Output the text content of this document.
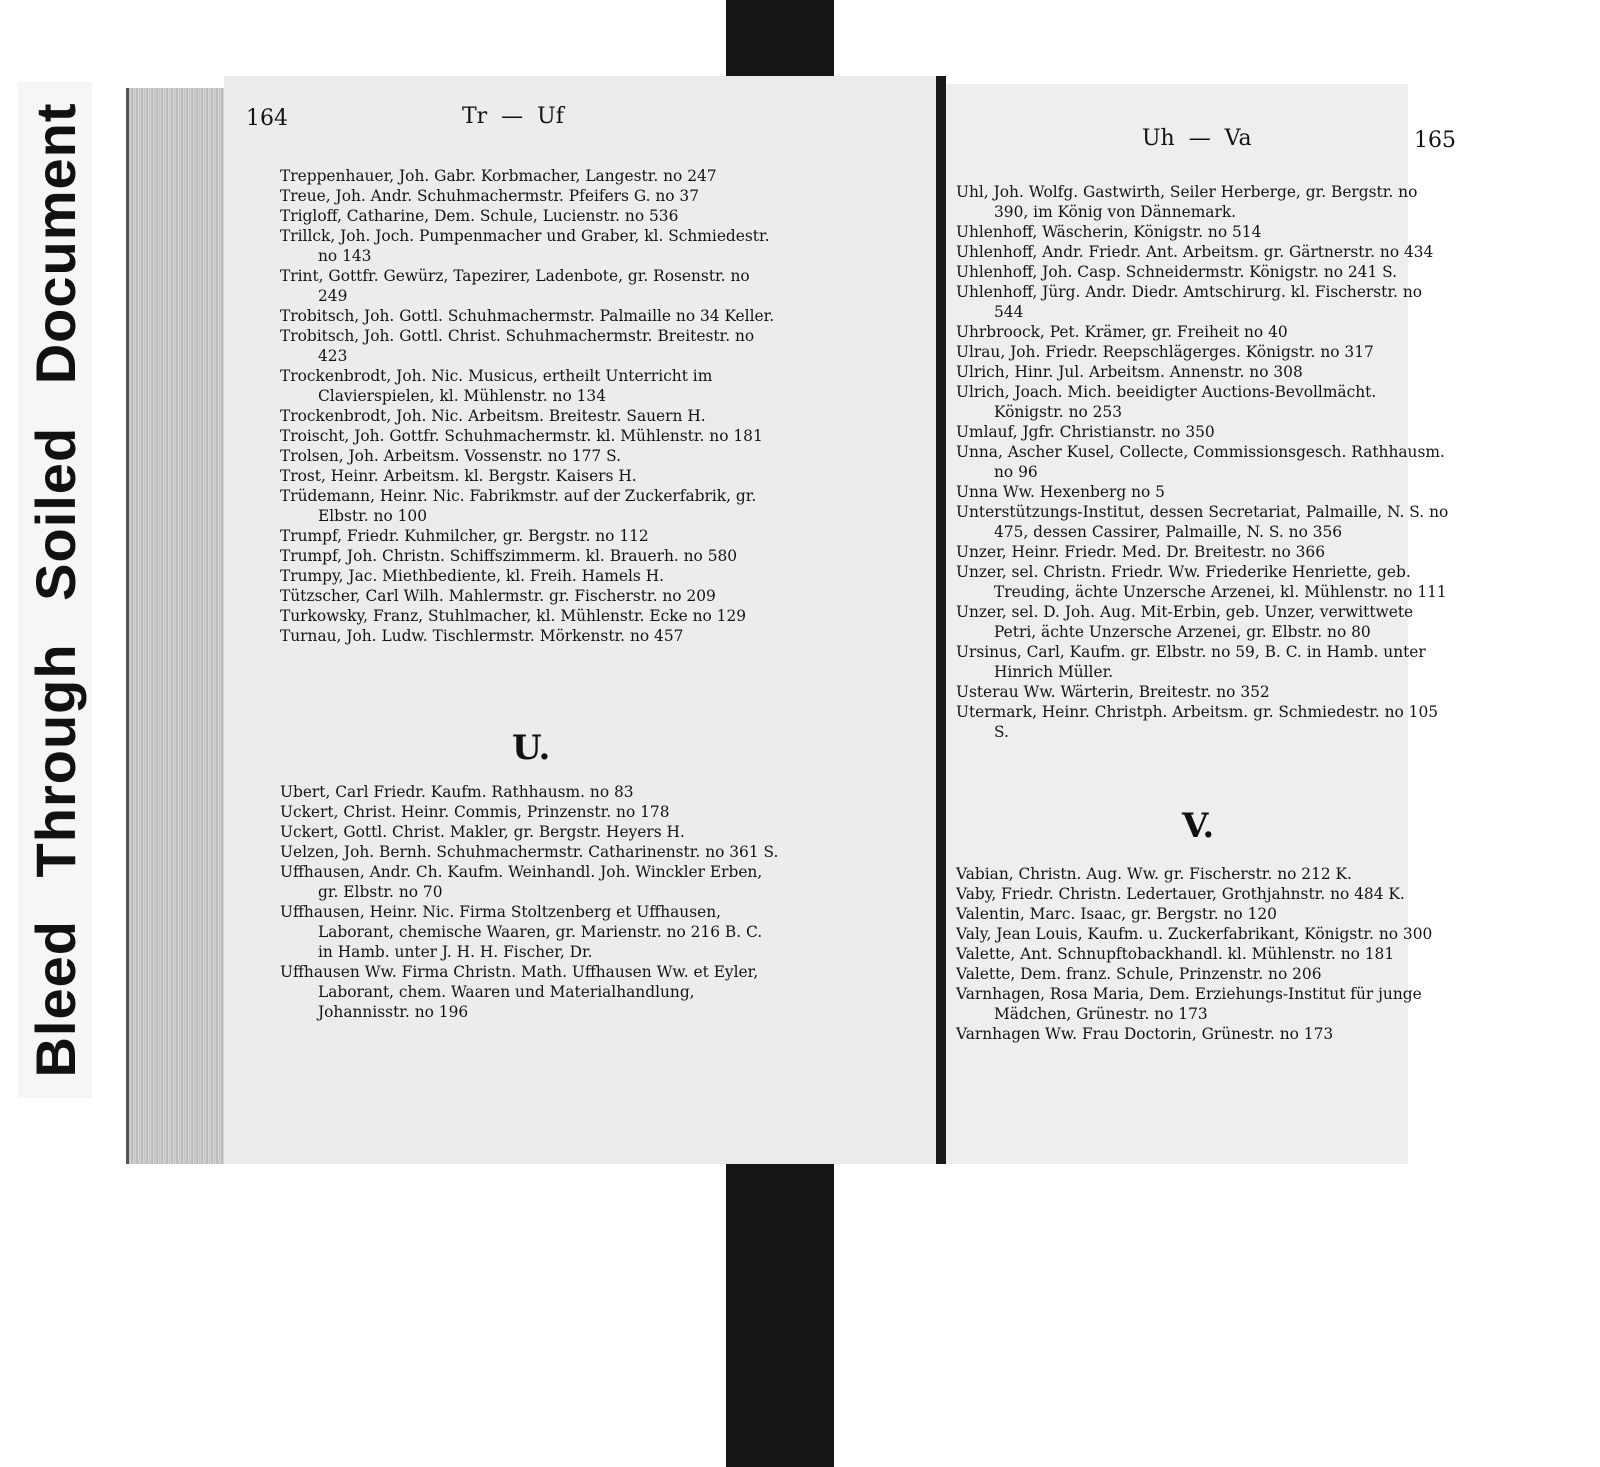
Bleed Through Soiled Document	164	Tr  —  Uf

Treppenhauer, Joh. Gabr. Korbmacher, Langestr. no 247

Treue, Joh. Andr. Schuhmachermstr. Pfeifers G. no 37

Trigloff, Catharine, Dem. Schule, Lucienstr. no 536

Trillck, Joh. Joch. Pumpenmacher und Graber, kl. Schmiedestr. no 143

Trint, Gottfr. Gewürz, Tapezirer, Ladenbote, gr. Rosenstr. no 249

Trobitsch, Joh. Gottl. Schuhmachermstr. Palmaille no 34 Keller.

Trobitsch, Joh. Gottl. Christ. Schuhmachermstr. Breitestr. no 423

Trockenbrodt, Joh. Nic. Musicus, ertheilt Unterricht im Clavierspielen, kl. Mühlenstr. no 134

Trockenbrodt, Joh. Nic. Arbeitsm. Breitestr. Sauern H.

Troischt, Joh. Gottfr. Schuhmachermstr. kl. Mühlenstr. no 181

Trolsen, Joh. Arbeitsm. Vossenstr. no 177 S.

Trost, Heinr. Arbeitsm. kl. Bergstr. Kaisers H.

Trüdemann, Heinr. Nic. Fabrikmstr. auf der Zuckerfabrik, gr. Elbstr. no 100

Trumpf, Friedr. Kuhmilcher, gr. Bergstr. no 112

Trumpf, Joh. Christn. Schiffszimmerm. kl. Brauerh. no 580

Trumpy, Jac. Miethbediente, kl. Freih. Hamels H.

Tützscher, Carl Wilh. Mahlermstr. gr. Fischerstr. no 209

Turkowsky, Franz, Stuhlmacher, kl. Mühlenstr. Ecke no 129

Turnau, Joh. Ludw. Tischlermstr. Mörkenstr. no 457

U.

Ubert, Carl Friedr. Kaufm. Rathhausm. no 83

Uckert, Christ. Heinr. Commis, Prinzenstr. no 178

Uckert, Gottl. Christ. Makler, gr. Bergstr. Heyers H.

Uelzen, Joh. Bernh. Schuhmachermstr. Catharinenstr. no 361 S.

Uffhausen, Andr. Ch. Kaufm. Weinhandl. Joh. Winckler Erben, gr. Elbstr. no 70

Uffhausen, Heinr. Nic. Firma Stoltzenberg et Uffhausen, Laborant, chemische Waaren, gr. Marienstr. no 216 B. C. in Hamb. unter J. H. H. Fischer, Dr.

Uffhausen Ww. Firma Christn. Math. Uffhausen Ww. et Eyler, Laborant, chem. Waaren und Materialhandlung, Johannisstr. no 196

Uh  —  Va	165

Uhl, Joh. Wolfg. Gastwirth, Seiler Herberge, gr. Bergstr. no 390, im König von Dännemark.

Uhlenhoff, Wäscherin, Königstr. no 514

Uhlenhoff, Andr. Friedr. Ant. Arbeitsm. gr. Gärtnerstr. no 434

Uhlenhoff, Joh. Casp. Schneidermstr. Königstr. no 241 S.

Uhlenhoff, Jürg. Andr. Diedr. Amtschirurg. kl. Fischerstr. no 544

Uhrbroock, Pet. Krämer, gr. Freiheit no 40

Ulrau, Joh. Friedr. Reepschlägerges. Königstr. no 317

Ulrich, Hinr. Jul. Arbeitsm. Annenstr. no 308

Ulrich, Joach. Mich. beeidigter Auctions-Bevollmächt. Königstr. no 253

Umlauf, Jgfr. Christianstr. no 350

Unna, Ascher Kusel, Collecte, Commissionsgesch. Rathhausm. no 96

Unna Ww. Hexenberg no 5

Unterstützungs-Institut, dessen Secretariat, Palmaille, N. S. no 475, dessen Cassirer, Palmaille, N. S. no 356

Unzer, Heinr. Friedr. Med. Dr. Breitestr. no 366

Unzer, sel. Christn. Friedr. Ww. Friederike Henriette, geb. Treuding, ächte Unzersche Arzenei, kl. Mühlenstr. no 111

Unzer, sel. D. Joh. Aug. Mit-Erbin, geb. Unzer, verwittwete Petri, ächte Unzersche Arzenei, gr. Elbstr. no 80

Ursinus, Carl, Kaufm. gr. Elbstr. no 59, B. C. in Hamb. unter Hinrich Müller.

Usterau Ww. Wärterin, Breitestr. no 352

Utermark, Heinr. Christph. Arbeitsm. gr. Schmiedestr. no 105 S.

V.

Vabian, Christn. Aug. Ww. gr. Fischerstr. no 212 K.

Vaby, Friedr. Christn. Ledertauer, Grothjahnstr. no 484 K.

Valentin, Marc. Isaac, gr. Bergstr. no 120

Valy, Jean Louis, Kaufm. u. Zuckerfabrikant, Königstr. no 300

Valette, Ant. Schnupftobackhandl. kl. Mühlenstr. no 181

Valette, Dem. franz. Schule, Prinzenstr. no 206

Varnhagen, Rosa Maria, Dem. Erziehungs-Institut für junge Mädchen, Grünestr. no 173

Varnhagen Ww. Frau Doctorin, Grünestr. no 173
